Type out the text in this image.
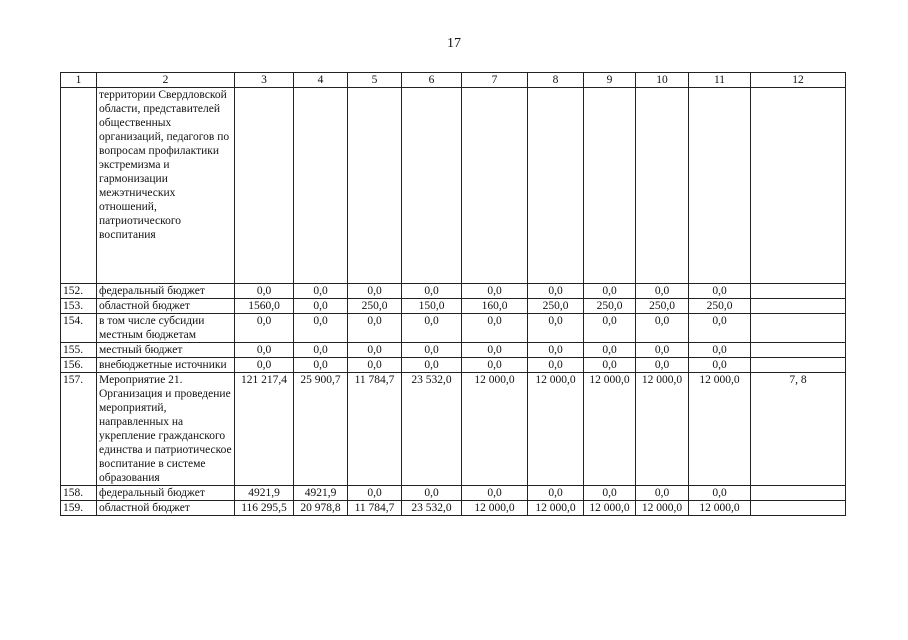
17
1	2	3	4	5	6	7	8	9	10	11	12
	территории Свердловской области, представителей общественных организаций, педагогов по вопросам профилактики экстремизма и гармонизации межэтнических отношений, патриотического воспитания										
152.	федеральный бюджет	0,0	0,0	0,0	0,0	0,0	0,0	0,0	0,0	0,0	
153.	областной бюджет	1560,0	0,0	250,0	150,0	160,0	250,0	250,0	250,0	250,0	
154.	в том числе субсидии местным бюджетам	0,0	0,0	0,0	0,0	0,0	0,0	0,0	0,0	0,0	
155.	местный бюджет	0,0	0,0	0,0	0,0	0,0	0,0	0,0	0,0	0,0	
156.	внебюджетные источники	0,0	0,0	0,0	0,0	0,0	0,0	0,0	0,0	0,0	
157.	Мероприятие 21. Организация и проведение мероприятий, направленных на укрепление гражданского единства и патриотическое воспитание в системе образования	121 217,4	25 900,7	11 784,7	23 532,0	12 000,0	12 000,0	12 000,0	12 000,0	12 000,0	7, 8
158.	федеральный бюджет	4921,9	4921,9	0,0	0,0	0,0	0,0	0,0	0,0	0,0	
159.	областной бюджет	116 295,5	20 978,8	11 784,7	23 532,0	12 000,0	12 000,0	12 000,0	12 000,0	12 000,0	
